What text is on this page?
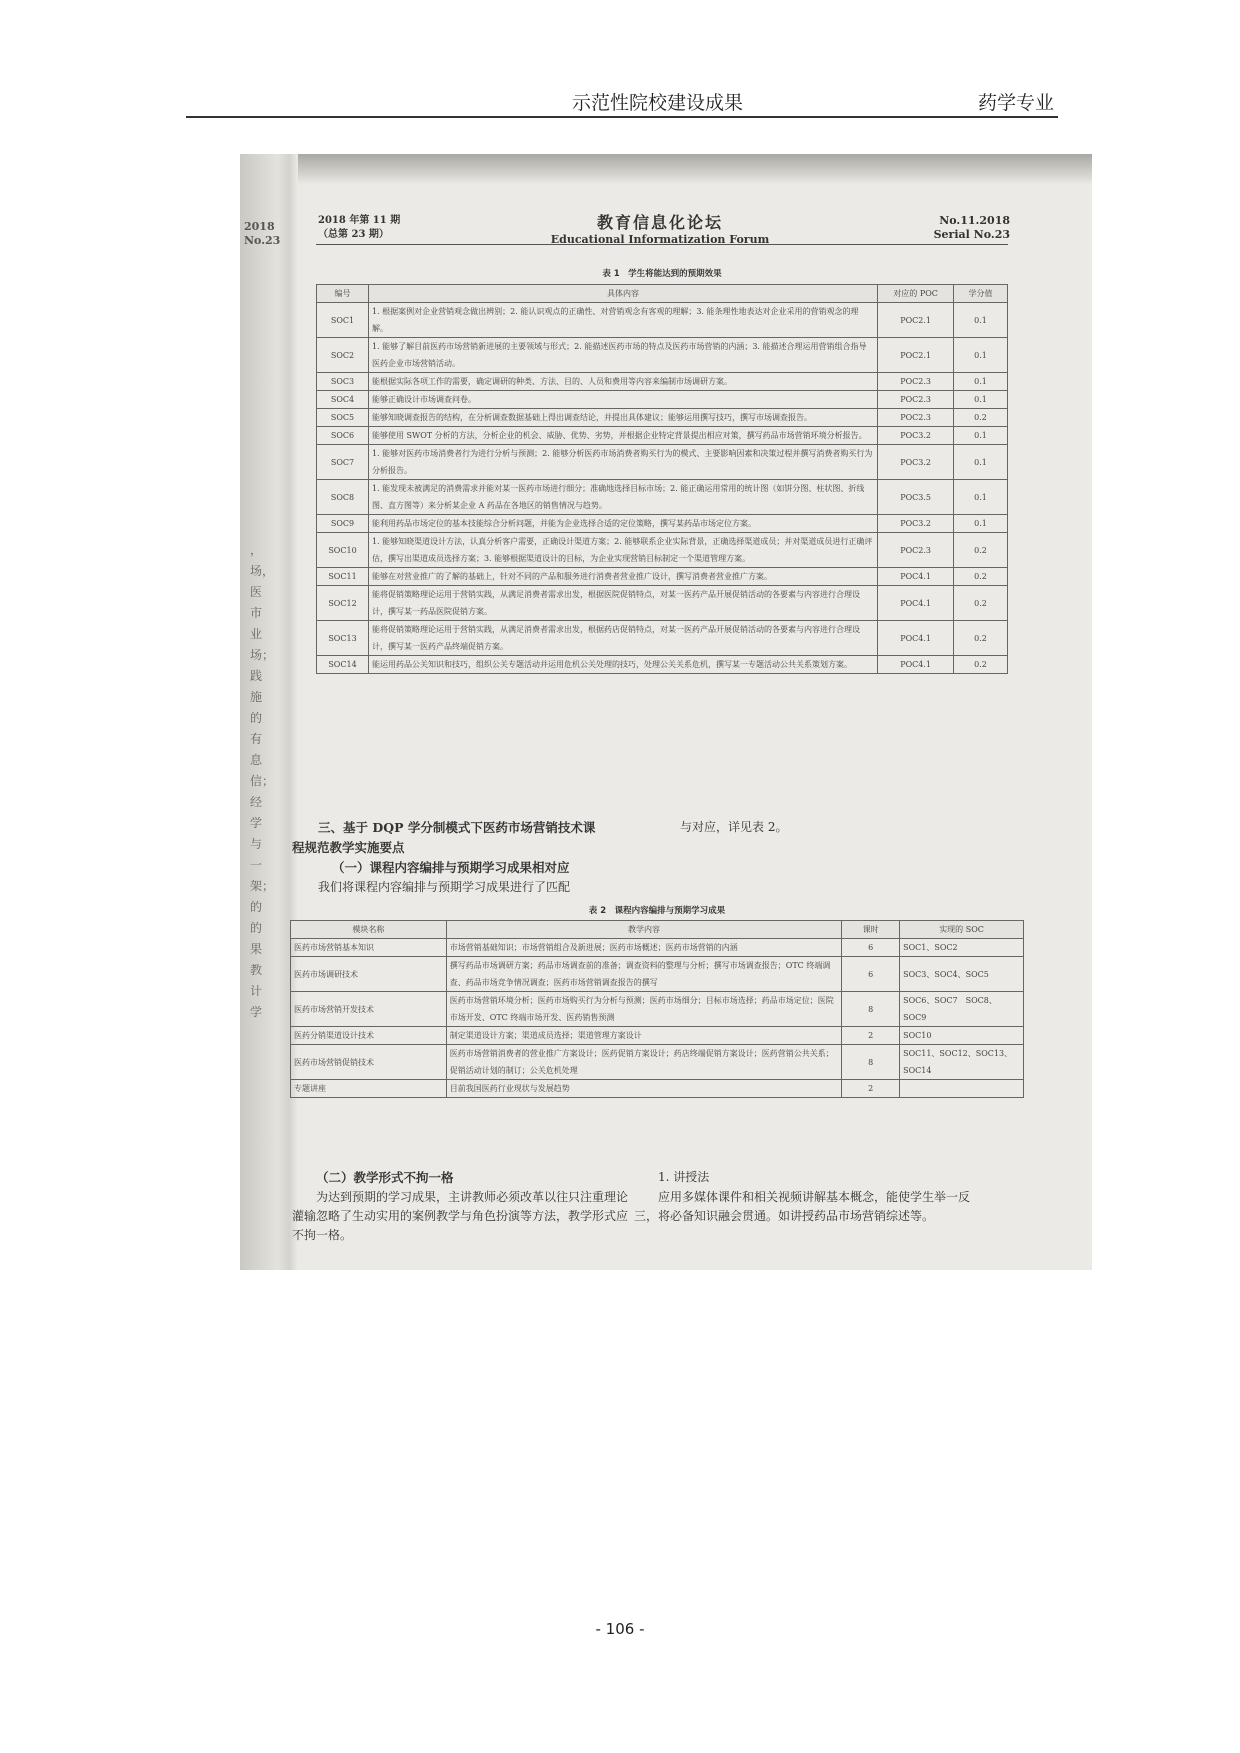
示范性院校建设成果	药学专业
2018
No.23
，场，医市业场；践施的有息信；经学与一架；的的果教计学
2018 年第 11 期
（总第 23 期）
教育信息化论坛
Educational Informatization Forum
No.11.2018
Serial No.23
表 1　学生将能达到的预期效果
编号	具体内容	对应的 POC	学分值
SOC1	1. 根据案例对企业营销观念做出辨别；2. 能认识观点的正确性、对营销观念有客观的理解；3. 能条理性地表达对企业采用的营销观念的理解。	POC2.1	0.1
SOC2	1. 能够了解目前医药市场营销新进展的主要领域与形式；2. 能描述医药市场的特点及医药市场营销的内涵；3. 能描述合理运用营销组合指导医药企业市场营销活动。	POC2.1	0.1
SOC3	能根据实际各项工作的需要，确定调研的种类、方法、目的、人员和费用等内容来编制市场调研方案。	POC2.3	0.1
SOC4	能够正确设计市场调查问卷。	POC2.3	0.1
SOC5	能够知晓调查报告的结构，在分析调查数据基础上得出调查结论，并提出具体建议；能够运用撰写技巧，撰写市场调查报告。	POC2.3	0.2
SOC6	能够使用 SWOT 分析的方法，分析企业的机会、威胁、优势、劣势，并根据企业特定背景提出相应对策，撰写药品市场营销环境分析报告。	POC3.2	0.1
SOC7	1. 能够对医药市场消费者行为进行分析与预测；2. 能够分析医药市场消费者购买行为的模式、主要影响因素和决策过程并撰写消费者购买行为分析报告。	POC3.2	0.1
SOC8	1. 能发现未被满足的消费需求并能对某一医药市场进行细分；准确地选择目标市场；2. 能正确运用常用的统计图（如饼分图、柱状图、折线图、直方图等）来分析某企业 A 药品在各地区的销售情况与趋势。	POC3.5	0.1
SOC9	能利用药品市场定位的基本技能综合分析问题，并能为企业选择合适的定位策略，撰写某药品市场定位方案。	POC3.2	0.1
SOC10	1. 能够知晓渠道设计方法，认真分析客户需要，正确设计渠道方案；2. 能够联系企业实际背景，正确选择渠道成员；并对渠道成员进行正确评估，撰写出渠道成员选择方案；3. 能够根据渠道设计的目标，为企业实现营销目标制定一个渠道管理方案。	POC2.3	0.2
SOC11	能够在对营业推广的了解的基础上，针对不同的产品和服务进行消费者营业推广设计，撰写消费者营业推广方案。	POC4.1	0.2
SOC12	能将促销策略理论运用于营销实践，从满足消费者需求出发，根据医院促销特点，对某一医药产品开展促销活动的各要素与内容进行合理设计，撰写某一药品医院促销方案。	POC4.1	0.2
SOC13	能将促销策略理论运用于营销实践，从满足消费者需求出发，根据药店促销特点，对某一医药产品开展促销活动的各要素与内容进行合理设计，撰写某一医药产品终端促销方案。	POC4.1	0.2
SOC14	能运用药品公关知识和技巧，组织公关专题活动并运用危机公关处理的技巧，处理公关关系危机，撰写某一专题活动公共关系策划方案。	POC4.1	0.2
三、基于 DQP 学分制模式下医药市场营销技术课
程规范教学实施要点
与对应，详见表 2。
（一）课程内容编排与预期学习成果相对应
我们将课程内容编排与预期学习成果进行了匹配
表 2　课程内容编排与预期学习成果
模块名称	教学内容	课时	实现的 SOC
医药市场营销基本知识	市场营销基础知识；市场营销组合及新进展；医药市场概述；医药市场营销的内涵	6	SOC1、SOC2
医药市场调研技术	撰写药品市场调研方案；药品市场调查前的准备；调查资料的整理与分析；撰写市场调查报告；OTC 终端调查、药品市场竞争情况调查；医药市场营销调查报告的撰写	6	SOC3、SOC4、SOC5
医药市场营销开发技术	医药市场营销环境分析；医药市场购买行为分析与预测；医药市场细分；目标市场选择；药品市场定位；医院市场开发、OTC 终端市场开发、医药销售预测	8	SOC6、SOC7　SOC8、SOC9
医药分销渠道设计技术	制定渠道设计方案；渠道成员选择；渠道管理方案设计	2	SOC10
医药市场营销促销技术	医药市场营销消费者的营业推广方案设计；医药促销方案设计；药店终端促销方案设计；医药营销公共关系；促销活动计划的制订；公关危机处理	8	SOC11、SOC12、SOC13、SOC14
专题讲座	目前我国医药行业现状与发展趋势	2	
（二）教学形式不拘一格
为达到预期的学习成果，主讲教师必须改革以往只注重理论灌输忽略了生动实用的案例教学与角色扮演等方法，教学形式应不拘一格。
1. 讲授法
应用多媒体课件和相关视频讲解基本概念，能使学生举一反三，将必备知识融会贯通。如讲授药品市场营销综述等。
- 106 -
